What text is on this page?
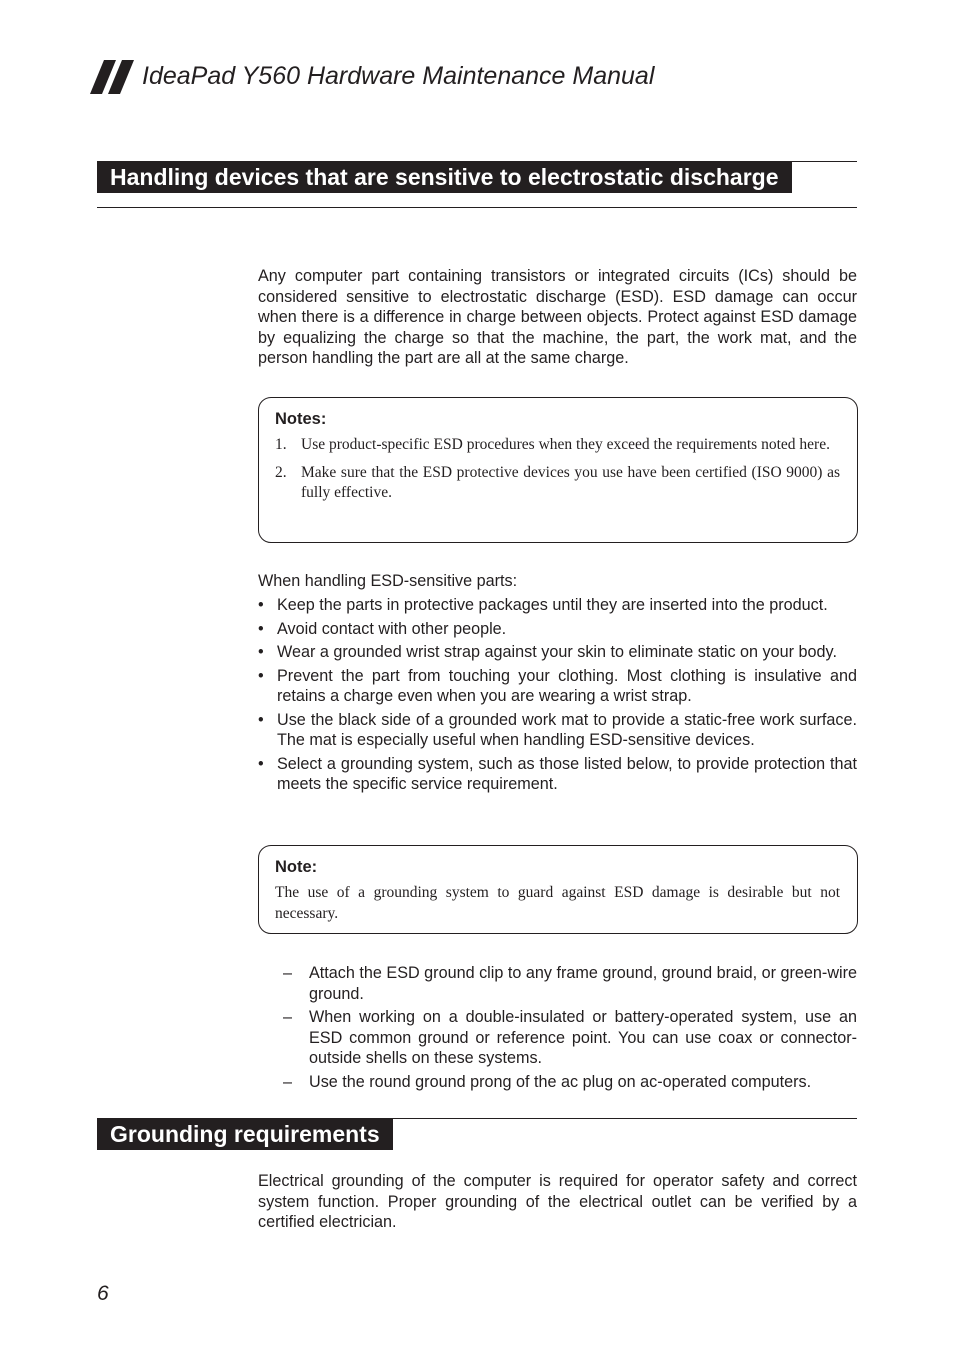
IdeaPad Y560 Hardware Maintenance Manual
Handling devices that are sensitive to electrostatic discharge

Any computer part containing transistors or integrated circuits (ICs) should be considered sensitive to electrostatic discharge (ESD). ESD damage can occur when there is a difference in charge between objects. Protect against ESD damage by equalizing the charge so that the machine, the part, the work mat, and the person handling the part are all at the same charge.

Notes:
1. Use product-specific ESD procedures when they exceed the requirements noted here.
2. Make sure that the ESD protective devices you use have been certified (ISO 9000) as fully effective.

When handling ESD-sensitive parts:

• Keep the parts in protective packages until they are inserted into the product.
• Avoid contact with other people.
• Wear a grounded wrist strap against your skin to eliminate static on your body.
• Prevent the part from touching your clothing. Most clothing is insulative and retains a charge even when you are wearing a wrist strap.
• Use the black side of a grounded work mat to provide a static-free work surface. The mat is especially useful when handling ESD-sensitive devices.
• Select a grounding system, such as those listed below, to provide protection that meets the specific service requirement.
Note:
The use of a grounding system to guard against ESD damage is desirable but not necessary.
– Attach the ESD ground clip to any frame ground, ground braid, or green-wire ground.
– When working on a double-insulated or battery-operated system, use an ESD common ground or reference point. You can use coax or connector-outside shells on these systems.
– Use the round ground prong of the ac plug on ac-operated computers.
Grounding requirements

Electrical grounding of the computer is required for operator safety and correct system function. Proper grounding of the electrical outlet can be verified by a certified electrician.

6
